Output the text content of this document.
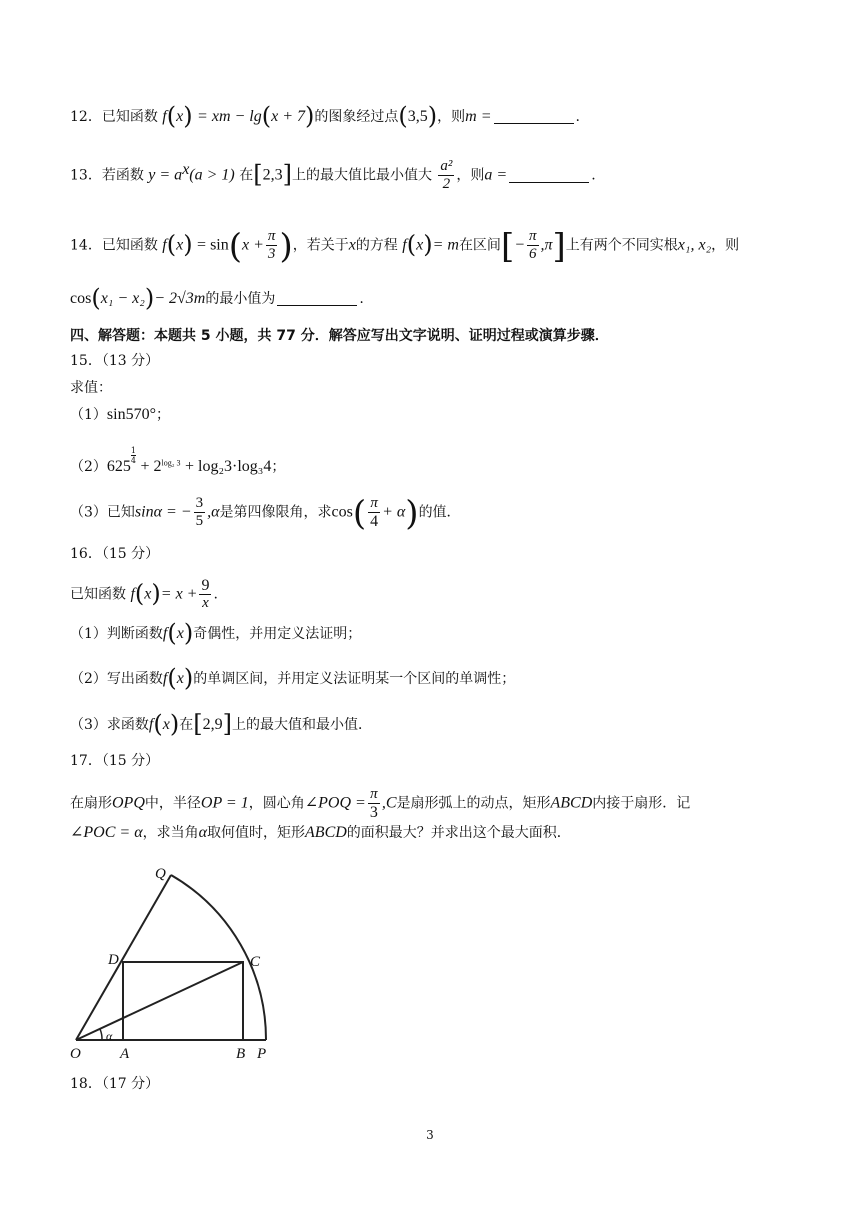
12．已知函数 f(x) = xm − lg(x + 7)的图象经过点(3,5)，则m =	.
13．若函数 $y = a^x(a > 1)$ 在[2,3]上的最大值比最小值大 $\frac{\text{a²}}{2}$ ，则a =	.
14．已知函数 $f(x) = \sin(x + \frac{\pi}{3}$ )，若关于x的方程 f(x)= m在区间[− $\frac{\pi}{6} ,\pi$]上有两个不同实根x₁, x₂，则
cos(x₁ − x₂)− 2√3m的最小值为	.
四、解答题：本题共 5 小题，共 77 分．解答应写出文字说明、证明过程或演算步骤．
15．（13 分）
求值：
（1）sin570°；
（2）625
$\frac{1}{4}$
+ $2^{log_2 3} + \log_23\cdot\log_34$；
（3）已知sinα = − $\frac{3}{5} ,\alpha$是第四像限角，求$\cos( \frac{\pi}{4} + \alpha)$的值．
16．（15 分）
已知函数 $f(x)= x + \frac{9}{x}$ .
（1）判断函数f(x)奇偶性，并用定义法证明；
（2）写出函数f(x)的单调区间，并用定义法证明某一个区间的单调性；
（3）求函数f(x)在[2,9]上的最大值和最小值．
17．（15 分）
在扇形OPQ中，半径OP = 1，圆心角∠POQ = $\frac{\pi}{3} ,C$是扇形弧上的动点，矩形ABCD内接于扇形．记
∠POC = α，求当角α取何值时，矩形ABCD的面积最大？并求出这个最大面积．
Q
D	C
O	A	B P
α
18．（17 分）
3
